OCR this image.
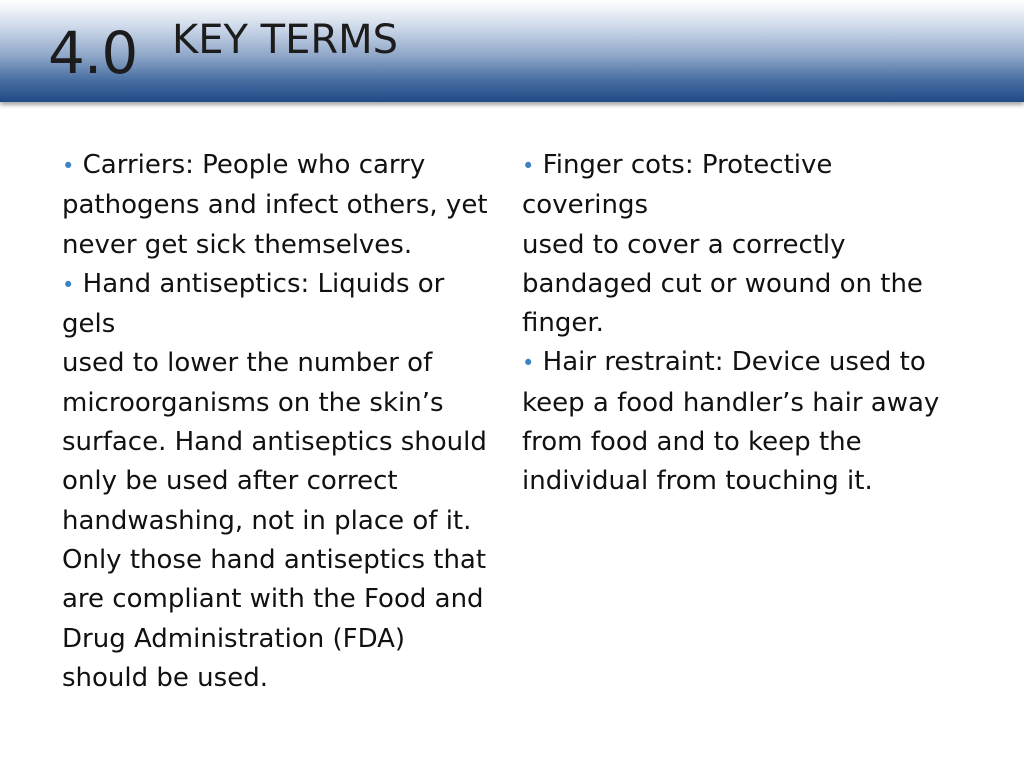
4.0 KEY TERMS
• Carriers: People who carry
pathogens and infect others, yet
never get sick themselves.
• Hand antiseptics: Liquids or
gels
used to lower the number of
microorganisms on the skin’s
surface. Hand antiseptics should
only be used after correct
handwashing, not in place of it.
Only those hand antiseptics that
are compliant with the Food and
Drug Administration (FDA)
should be used.
• Finger cots: Protective
coverings
used to cover a correctly
bandaged cut or wound on the
finger.
• Hair restraint: Device used to
keep a food handler’s hair away
from food and to keep the
individual from touching it.
